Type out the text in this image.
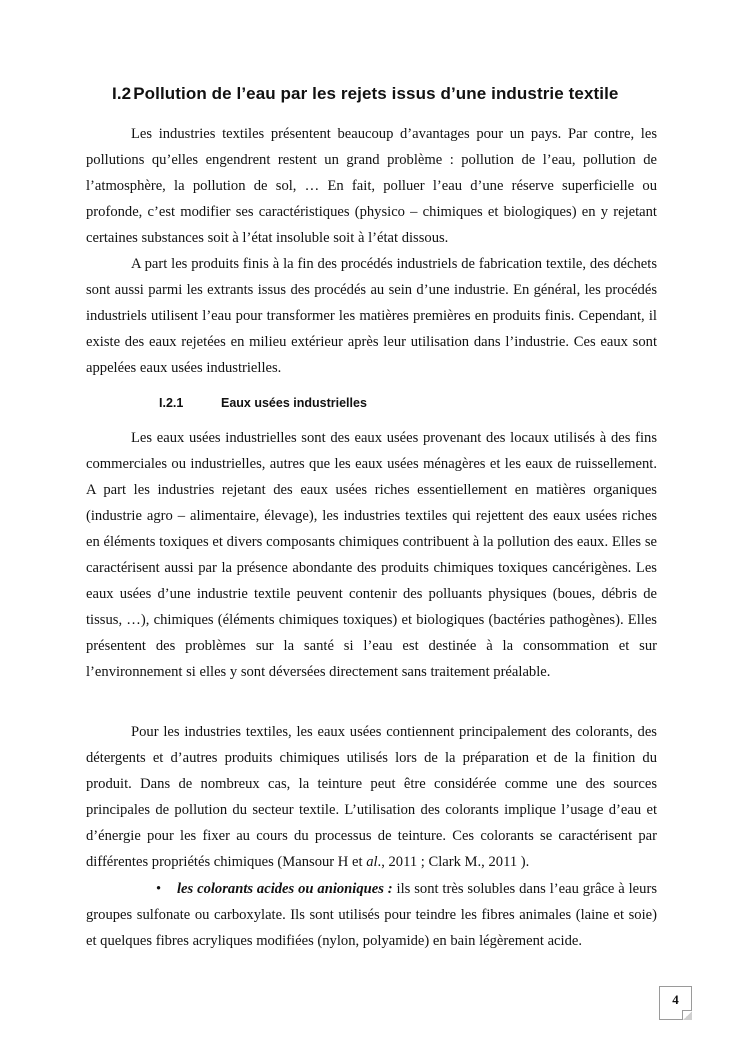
I.2 Pollution de l’eau par les rejets issus d’une industrie textile

Les industries textiles présentent beaucoup d’avantages pour un pays. Par contre, les pollutions qu’elles engendrent restent un grand problème : pollution de l’eau, pollution de l’atmosphère, la pollution de sol, … En fait, polluer l’eau d’une réserve superficielle ou profonde, c’est modifier ses caractéristiques (physico – chimiques et biologiques) en y rejetant certaines substances soit à l’état insoluble soit à l’état dissous.

A part les produits finis à la fin des procédés industriels de fabrication textile, des déchets sont aussi parmi les extrants issus des procédés au sein d’une industrie. En général, les procédés industriels utilisent l’eau pour transformer les matières premières en produits finis. Cependant, il existe des eaux rejetées en milieu extérieur après leur utilisation dans l’industrie. Ces eaux sont appelées eaux usées industrielles.

I.2.1	Eaux usées industrielles

Les eaux usées industrielles sont des eaux usées provenant des locaux utilisés à des fins commerciales ou industrielles, autres que les eaux usées ménagères et les eaux de ruissellement. A part les industries rejetant des eaux usées riches essentiellement en matières organiques (industrie agro – alimentaire, élevage), les industries textiles qui rejettent des eaux usées riches en éléments toxiques et divers composants chimiques contribuent à la pollution des eaux. Elles se caractérisent aussi par la présence abondante des produits chimiques toxiques cancérigènes. Les eaux usées d’une industrie textile peuvent contenir des polluants physiques (boues, débris de tissus, …), chimiques (éléments chimiques toxiques) et biologiques (bactéries pathogènes). Elles présentent des problèmes sur la santé si l’eau est destinée à la consommation et sur l’environnement si elles y sont déversées directement sans traitement préalable.

Pour les industries textiles, les eaux usées contiennent principalement des colorants, des détergents et d’autres produits chimiques utilisés lors de la préparation et de la finition du produit. Dans de nombreux cas, la teinture peut être considérée comme une des sources principales de pollution du secteur textile. L’utilisation des colorants implique l’usage d’eau et d’énergie pour les fixer au cours du processus de teinture. Ces colorants se caractérisent par différentes propriétés chimiques (Mansour H et al., 2011 ; Clark M., 2011 ).

• les colorants acides ou anioniques : ils sont très solubles dans l’eau grâce à leurs groupes sulfonate ou carboxylate. Ils sont utilisés pour teindre les fibres animales (laine et soie) et quelques fibres acryliques modifiées (nylon, polyamide) en bain légèrement acide.

4
